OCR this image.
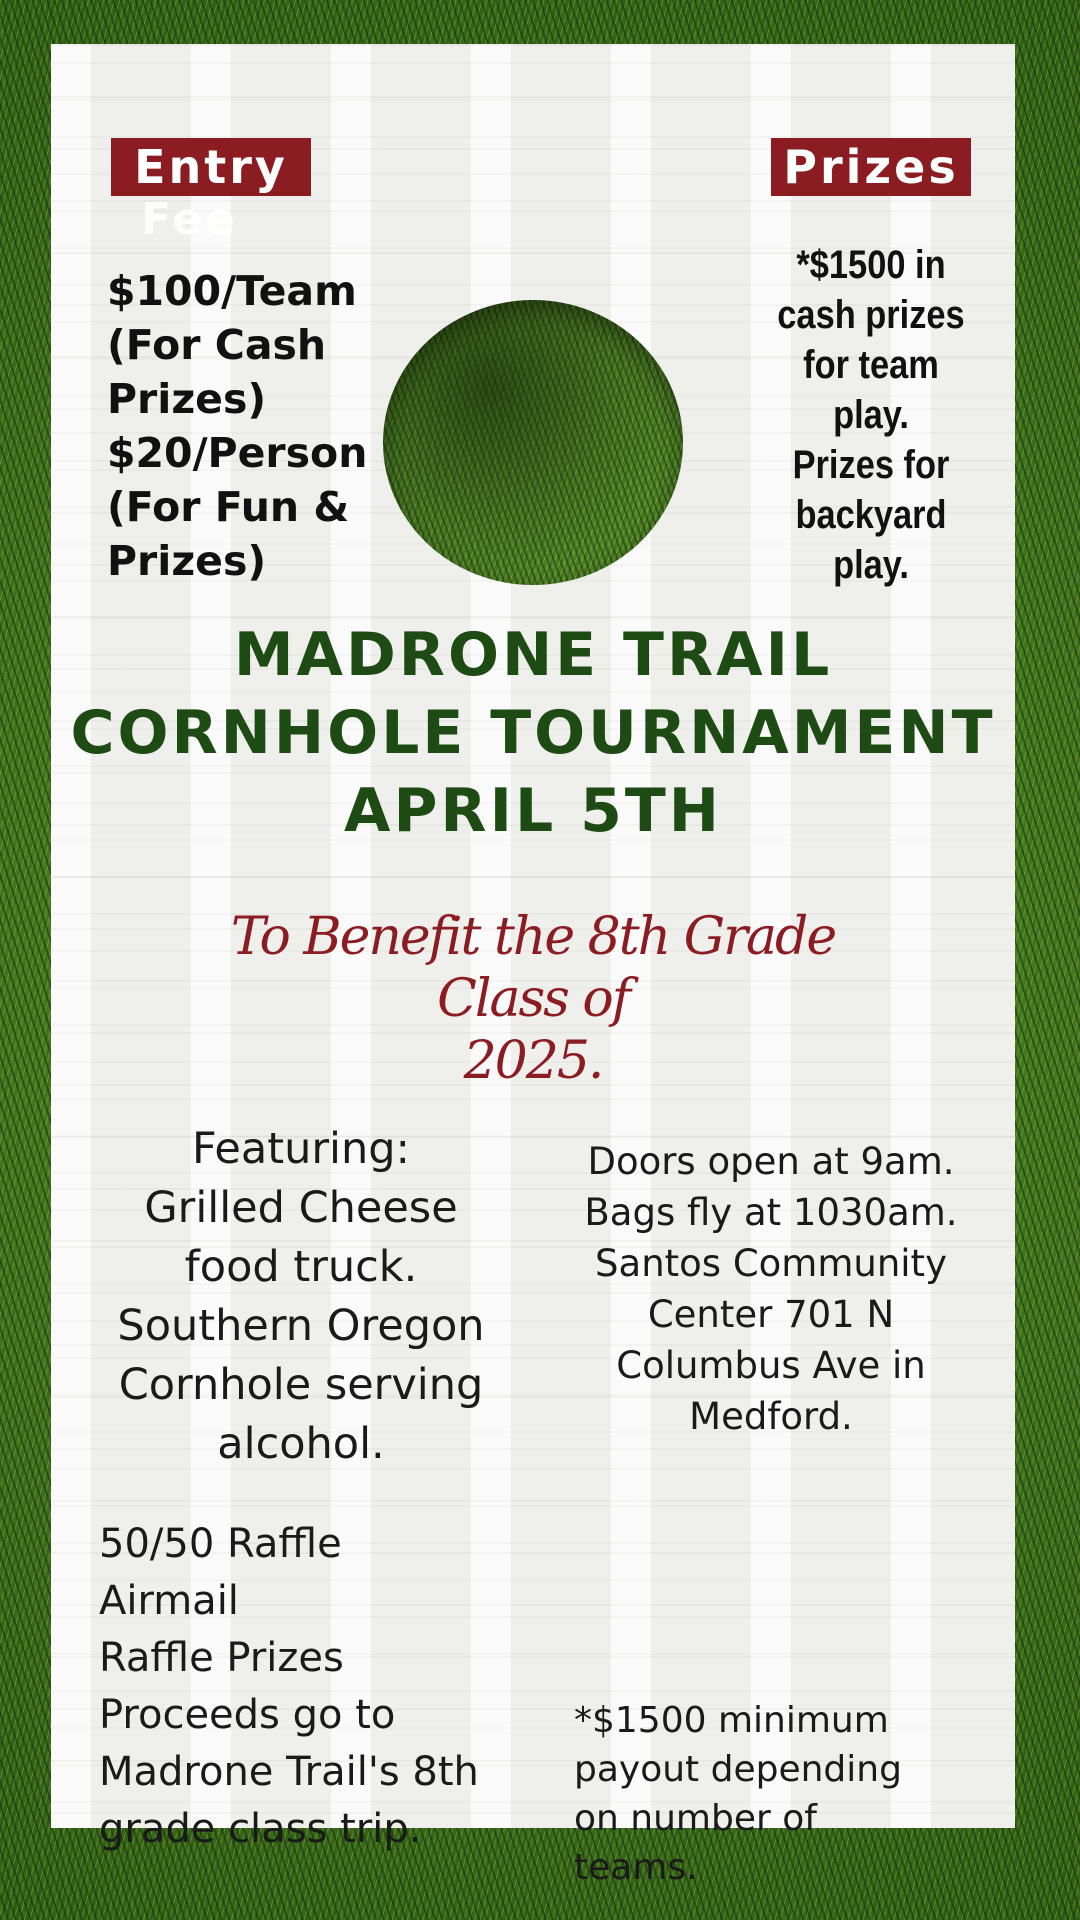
Entry
Fee
Prizes
$100/Team
(For Cash
Prizes)
$20/Person
(For Fun &
Prizes)
*$1500 in
cash prizes
for team
play.
Prizes for
backyard
play.
MADRONE TRAIL
CORNHOLE TOURNAMENT
APRIL 5TH
To Benefit the 8th Grade Class of
2025.
Featuring:
Grilled Cheese
food truck.
Southern Oregon
Cornhole serving
alcohol.
Doors open at 9am.
Bags fly at 1030am.
Santos Community
Center 701 N
Columbus Ave in
Medford.
50/50 Raffle
Airmail
Raffle Prizes
Proceeds go to
Madrone Trail's 8th
grade class trip.
*$1500 minimum
payout depending
on number of
teams.
